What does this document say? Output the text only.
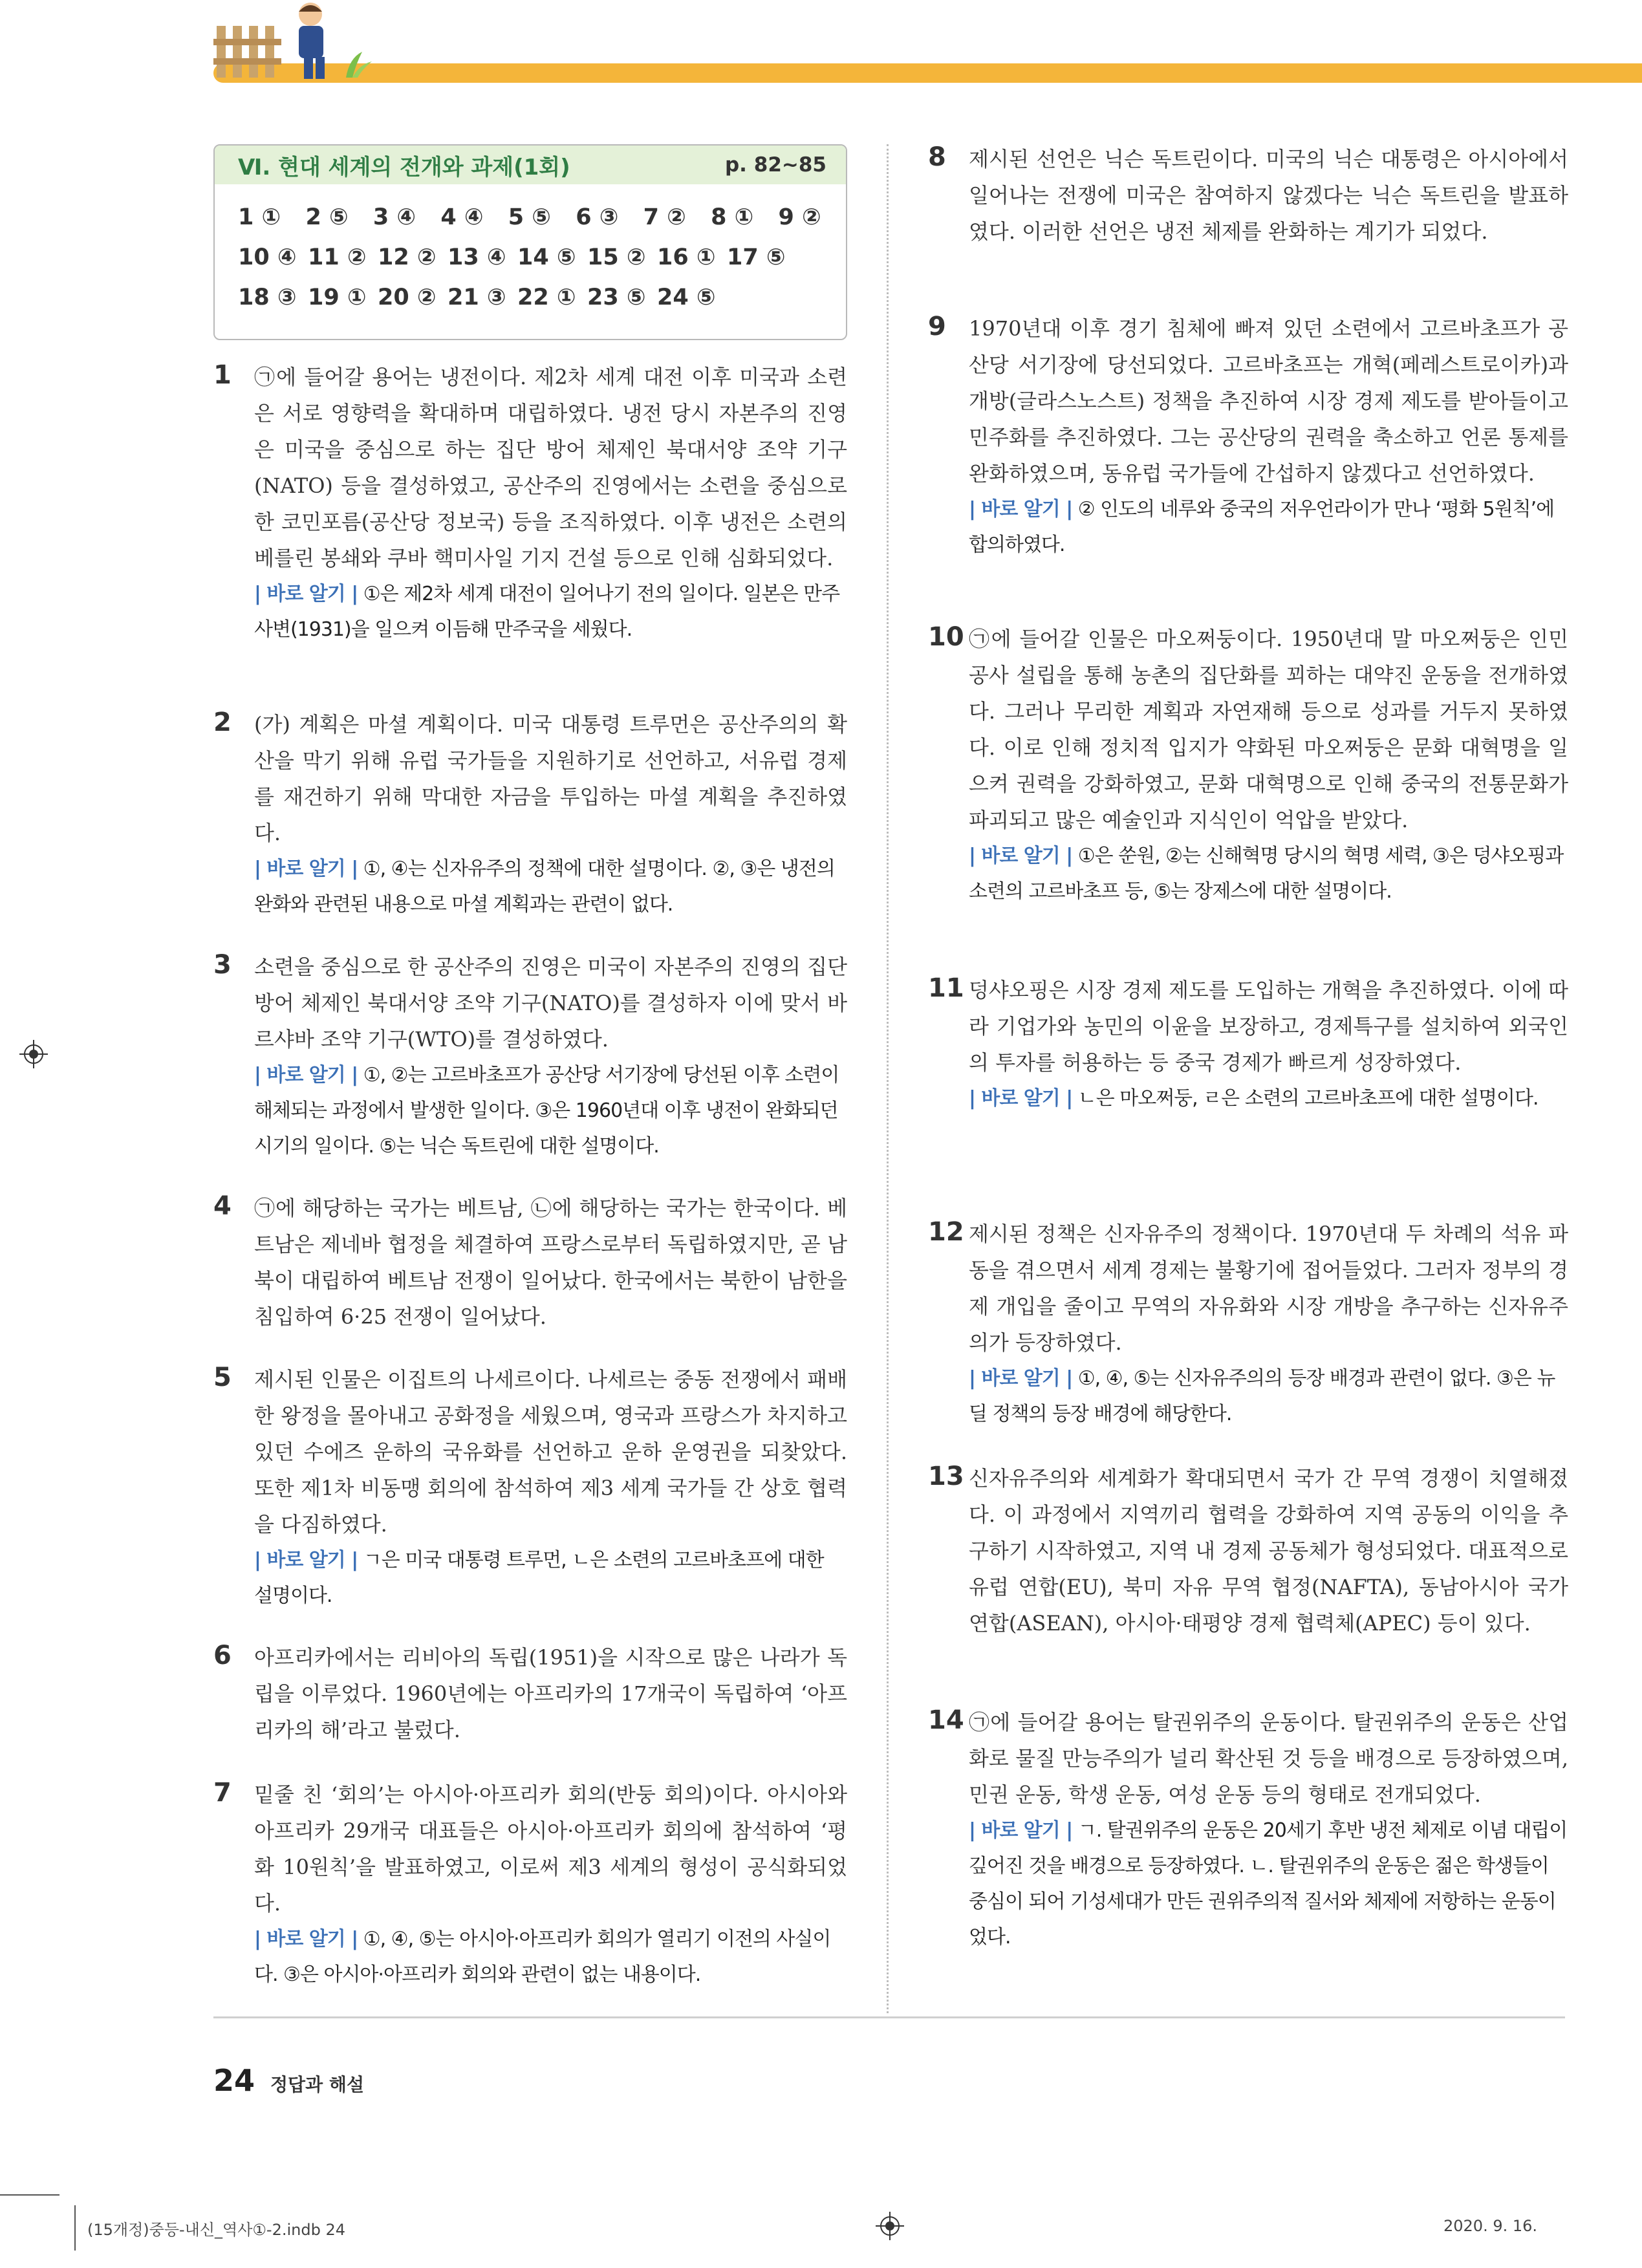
Ⅵ. 현대 세계의 전개와 과제(1회)	p. 82~85
1 ①	2 ⑤	3 ④	4 ④	5 ⑤	6 ③	7 ②	8 ①	9 ②
10 ④ 11 ② 12 ② 13 ④ 14 ⑤ 15 ② 16 ① 17 ⑤
18 ③ 19 ① 20 ② 21 ③ 22 ① 23 ⑤ 24 ⑤
1	㉠에 들어갈 용어는 냉전이다. 제2차 세계 대전 이후 미국과 소련은 서로 영향력을 확대하며 대립하였다. 냉전 당시 자본주의 진영은 미국을 중심으로 하는 집단 방어 체제인 북대서양 조약 기구(NATO) 등을 결성하였고, 공산주의 진영에서는 소련을 중심으로 한 코민포름(공산당 정보국) 등을 조직하였다. 이후 냉전은 소련의 베를린 봉쇄와 쿠바 핵미사일 기지 건설 등으로 인해 심화되었다.
| 바로 알기 | ①은 제2차 세계 대전이 일어나기 전의 일이다. 일본은 만주 사변(1931)을 일으켜 이듬해 만주국을 세웠다.
2	(가) 계획은 마셜 계획이다. 미국 대통령 트루먼은 공산주의의 확산을 막기 위해 유럽 국가들을 지원하기로 선언하고, 서유럽 경제를 재건하기 위해 막대한 자금을 투입하는 마셜 계획을 추진하였다.
| 바로 알기 | ①, ④는 신자유주의 정책에 대한 설명이다. ②, ③은 냉전의 완화와 관련된 내용으로 마셜 계획과는 관련이 없다.
3	소련을 중심으로 한 공산주의 진영은 미국이 자본주의 진영의 집단 방어 체제인 북대서양 조약 기구(NATO)를 결성하자 이에 맞서 바르샤바 조약 기구(WTO)를 결성하였다.
| 바로 알기 | ①, ②는 고르바초프가 공산당 서기장에 당선된 이후 소련이 해체되는 과정에서 발생한 일이다. ③은 1960년대 이후 냉전이 완화되던 시기의 일이다. ⑤는 닉슨 독트린에 대한 설명이다.
4	㉠에 해당하는 국가는 베트남, ㉡에 해당하는 국가는 한국이다. 베트남은 제네바 협정을 체결하여 프랑스로부터 독립하였지만, 곧 남북이 대립하여 베트남 전쟁이 일어났다. 한국에서는 북한이 남한을 침입하여 6·25 전쟁이 일어났다.
5	제시된 인물은 이집트의 나세르이다. 나세르는 중동 전쟁에서 패배한 왕정을 몰아내고 공화정을 세웠으며, 영국과 프랑스가 차지하고 있던 수에즈 운하의 국유화를 선언하고 운하 운영권을 되찾았다. 또한 제1차 비동맹 회의에 참석하여 제3 세계 국가들 간 상호 협력을 다짐하였다.
| 바로 알기 | ㄱ은 미국 대통령 트루먼, ㄴ은 소련의 고르바초프에 대한 설명이다.
6	아프리카에서는 리비아의 독립(1951)을 시작으로 많은 나라가 독립을 이루었다. 1960년에는 아프리카의 17개국이 독립하여 ‘아프리카의 해’라고 불렀다.
7	밑줄 친 ‘회의’는 아시아·아프리카 회의(반둥 회의)이다. 아시아와 아프리카 29개국 대표들은 아시아·아프리카 회의에 참석하여 ‘평화 10원칙’을 발표하였고, 이로써 제3 세계의 형성이 공식화되었다.
| 바로 알기 | ①, ④, ⑤는 아시아·아프리카 회의가 열리기 이전의 사실이다. ③은 아시아·아프리카 회의와 관련이 없는 내용이다.
8	제시된 선언은 닉슨 독트린이다. 미국의 닉슨 대통령은 아시아에서 일어나는 전쟁에 미국은 참여하지 않겠다는 닉슨 독트린을 발표하였다. 이러한 선언은 냉전 체제를 완화하는 계기가 되었다.
9	1970년대 이후 경기 침체에 빠져 있던 소련에서 고르바초프가 공산당 서기장에 당선되었다. 고르바초프는 개혁(페레스트로이카)과 개방(글라스노스트) 정책을 추진하여 시장 경제 제도를 받아들이고 민주화를 추진하였다. 그는 공산당의 권력을 축소하고 언론 통제를 완화하였으며, 동유럽 국가들에 간섭하지 않겠다고 선언하였다.
| 바로 알기 | ② 인도의 네루와 중국의 저우언라이가 만나 ‘평화 5원칙’에 합의하였다.
10 ㉠에 들어갈 인물은 마오쩌둥이다. 1950년대 말 마오쩌둥은 인민공사 설립을 통해 농촌의 집단화를 꾀하는 대약진 운동을 전개하였다. 그러나 무리한 계획과 자연재해 등으로 성과를 거두지 못하였다. 이로 인해 정치적 입지가 약화된 마오쩌둥은 문화 대혁명을 일으켜 권력을 강화하였고, 문화 대혁명으로 인해 중국의 전통문화가 파괴되고 많은 예술인과 지식인이 억압을 받았다.
| 바로 알기 | ①은 쑨원, ②는 신해혁명 당시의 혁명 세력, ③은 덩샤오핑과 소련의 고르바초프 등, ⑤는 장제스에 대한 설명이다.
11 덩샤오핑은 시장 경제 제도를 도입하는 개혁을 추진하였다. 이에 따라 기업가와 농민의 이윤을 보장하고, 경제특구를 설치하여 외국인의 투자를 허용하는 등 중국 경제가 빠르게 성장하였다.
| 바로 알기 | ㄴ은 마오쩌둥, ㄹ은 소련의 고르바초프에 대한 설명이다.
12 제시된 정책은 신자유주의 정책이다. 1970년대 두 차례의 석유 파동을 겪으면서 세계 경제는 불황기에 접어들었다. 그러자 정부의 경제 개입을 줄이고 무역의 자유화와 시장 개방을 추구하는 신자유주의가 등장하였다.
| 바로 알기 | ①, ④, ⑤는 신자유주의의 등장 배경과 관련이 없다. ③은 뉴딜 정책의 등장 배경에 해당한다.
13 신자유주의와 세계화가 확대되면서 국가 간 무역 경쟁이 치열해졌다. 이 과정에서 지역끼리 협력을 강화하여 지역 공동의 이익을 추구하기 시작하였고, 지역 내 경제 공동체가 형성되었다. 대표적으로 유럽 연합(EU), 북미 자유 무역 협정(NAFTA), 동남아시아 국가 연합(ASEAN), 아시아·태평양 경제 협력체(APEC) 등이 있다.
14 ㉠에 들어갈 용어는 탈권위주의 운동이다. 탈권위주의 운동은 산업화로 물질 만능주의가 널리 확산된 것 등을 배경으로 등장하였으며, 민권 운동, 학생 운동, 여성 운동 등의 형태로 전개되었다.
| 바로 알기 | ㄱ. 탈권위주의 운동은 20세기 후반 냉전 체제로 이념 대립이 깊어진 것을 배경으로 등장하였다. ㄴ. 탈권위주의 운동은 젊은 학생들이 중심이 되어 기성세대가 만든 권위주의적 질서와 체제에 저항하는 운동이었다.
24 정답과 해설
(15개정)중등-내신_역사①-2.indb 24	2020. 9. 16.
